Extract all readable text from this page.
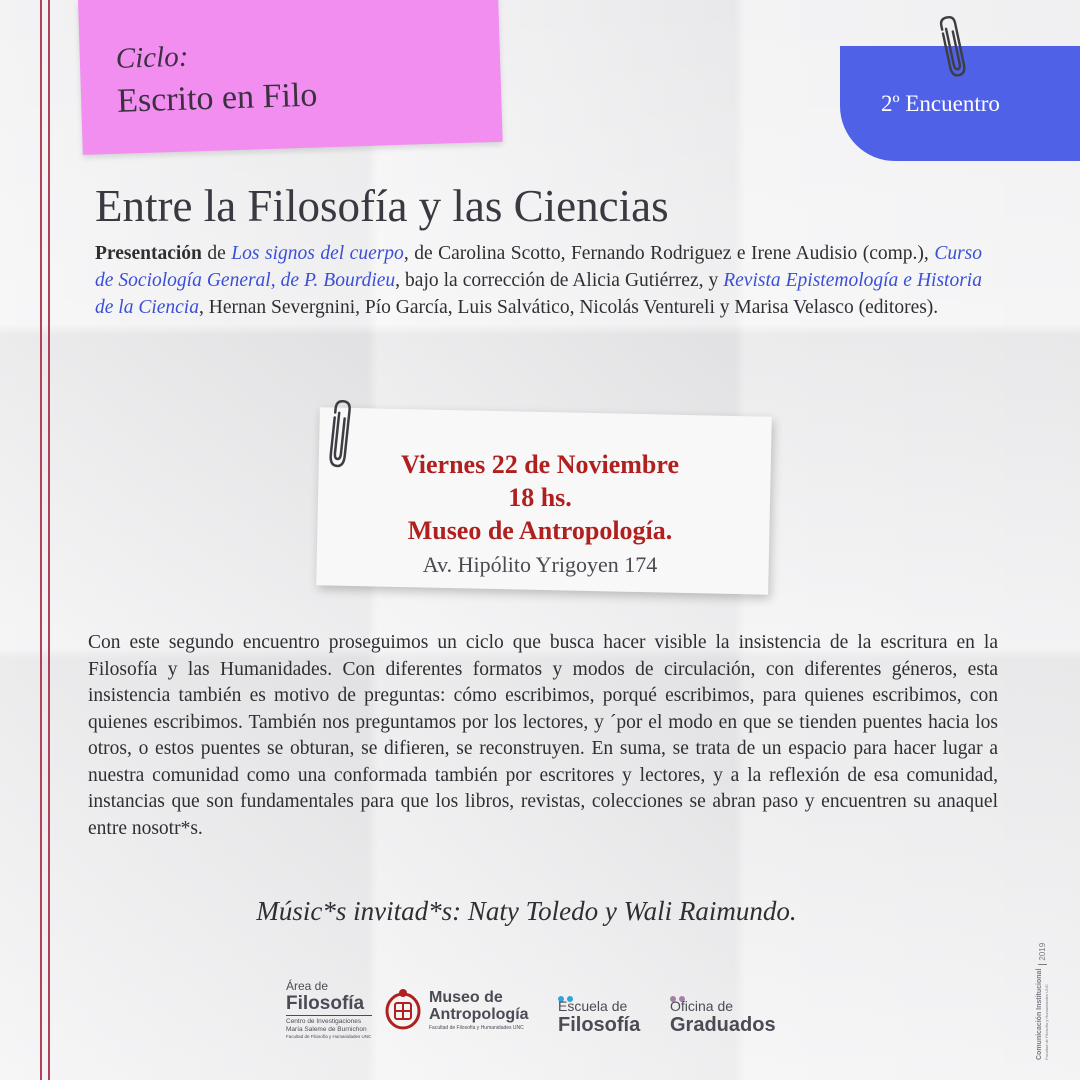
Ciclo:
Escrito en Filo	2º Encuentro
Entre la Filosofía y las Ciencias

Presentación de Los signos del cuerpo, de Carolina Scotto, Fernando Rodriguez e Irene Audisio (comp.), Curso de Sociología General, de P. Bourdieu, bajo la corrección de Alicia Gutiérrez, y Revista Epistemología e Historia de la Ciencia, Hernan Severgnini, Pío García, Luis Salvático, Nicolás Ventureli y Marisa Velasco (editores).

Viernes 22 de Noviembre
18 hs.
Museo de Antropología.
Av. Hipólito Yrigoyen 174

Con este segundo encuentro proseguimos un ciclo que busca hacer visible la insistencia de la escritura en la Filosofía y las Humanidades. Con diferentes formatos y modos de circulación, con diferentes géneros, esta insistencia también es motivo de preguntas: cómo escribimos, porqué escribimos, para quienes escribimos, con quienes escribimos. También nos preguntamos por los lectores, y ´por el modo en que se tienden puentes hacia los otros, o estos puentes se obturan, se difieren, se reconstruyen. En suma, se trata de un espacio para hacer lugar a nuestra comunidad como una conformada también por escritores y lectores, y a la reflexión de esa comunidad, instancias que son fundamentales para que los libros, revistas, colecciones se abran paso y encuentren su anaquel entre nosotr*s.

Músic*s invitad*s: Naty Toledo y Wali Raimundo.
Área de
Filosofía
Centro de Investigaciones María Saleme de Burnichon
Facultad de Filosofía y Humanidades UNC
Museo de
Antropología
Facultad de Filosofía y Humanidades UNC
Escuela de
Filosofía
Oficina de
Graduados	Comunicación Institucional Facultad de Filosofía y Humanidades UNC
2019
